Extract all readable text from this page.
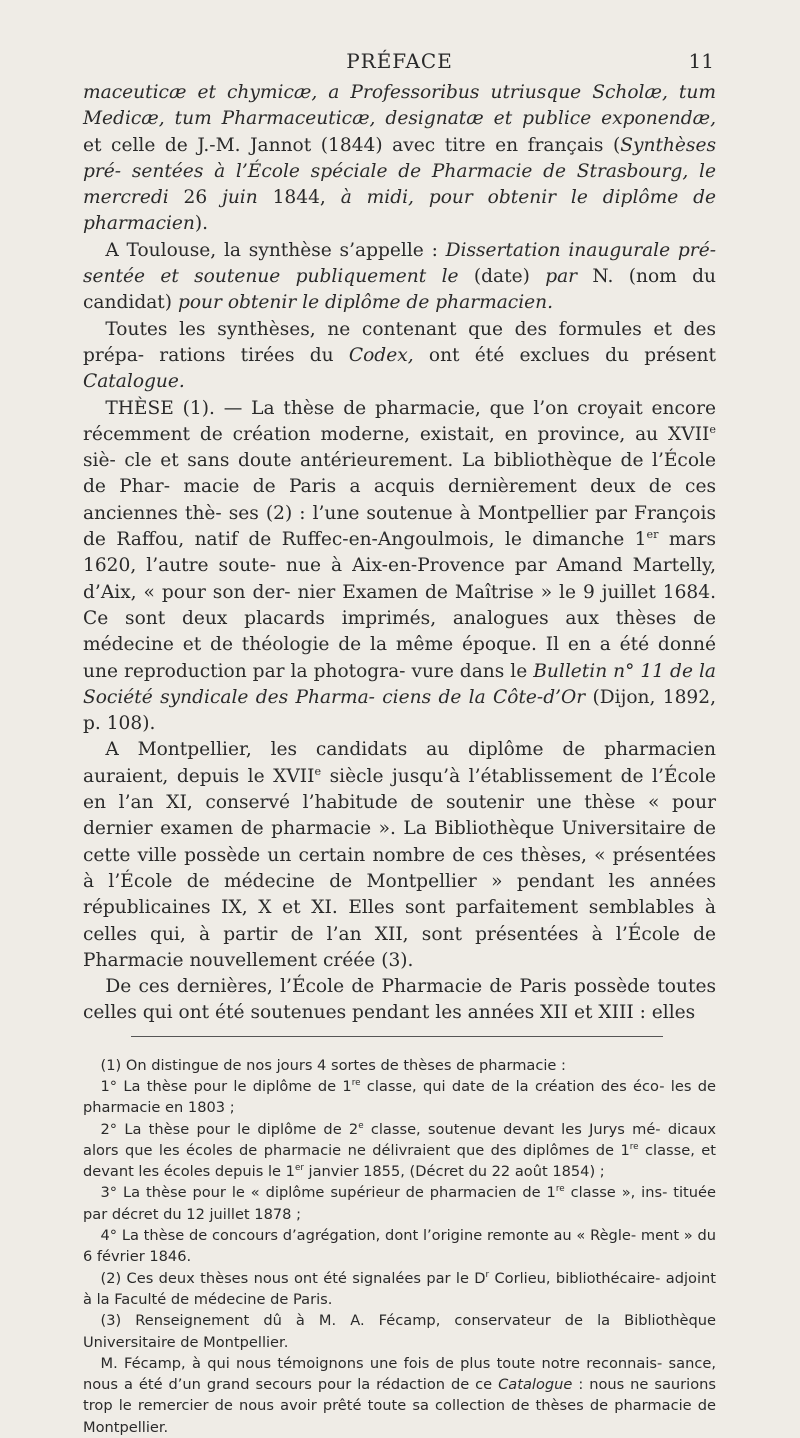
PRÉFACE	11

maceuticæ et chymicæ, a Professoribus utriusque Scholæ, tum Medicæ, tum Pharmaceuticæ, designatæ et publice exponendæ, et celle de J.-M. Jannot (1844) avec titre en français (Synthèses pré- sentées à l’École spéciale de Pharmacie de Strasbourg, le mercredi 26 juin 1844, à midi, pour obtenir le diplôme de pharmacien).

A Toulouse, la synthèse s’appelle : Dissertation inaugurale pré- sentée et soutenue publiquement le (date) par N. (nom du candidat) pour obtenir le diplôme de pharmacien.

Toutes les synthèses, ne contenant que des formules et des prépa- rations tirées du Codex, ont été exclues du présent Catalogue.

THÈSE (1). — La thèse de pharmacie, que l’on croyait encore récemment de création moderne, existait, en province, au XVIIe siè- cle et sans doute antérieurement. La bibliothèque de l’École de Phar- macie de Paris a acquis dernièrement deux de ces anciennes thè- ses (2) : l’une soutenue à Montpellier par François de Raffou, natif de Ruffec-en-Angoulmois, le dimanche 1er mars 1620, l’autre soute- nue à Aix-en-Provence par Amand Martelly, d’Aix, « pour son der- nier Examen de Maîtrise » le 9 juillet 1684. Ce sont deux placards imprimés, analogues aux thèses de médecine et de théologie de la même époque. Il en a été donné une reproduction par la photogra- vure dans le Bulletin n° 11 de la Société syndicale des Pharma- ciens de la Côte-d’Or (Dijon, 1892, p. 108).

A Montpellier, les candidats au diplôme de pharmacien auraient, depuis le XVIIe siècle jusqu’à l’établissement de l’École en l’an XI, conservé l’habitude de soutenir une thèse « pour dernier examen de pharmacie ». La Bibliothèque Universitaire de cette ville possède un certain nombre de ces thèses, « présentées à l’École de médecine de Montpellier » pendant les années républicaines IX, X et XI. Elles sont parfaitement semblables à celles qui, à partir de l’an XII, sont présentées à l’École de Pharmacie nouvellement créée (3).

De ces dernières, l’École de Pharmacie de Paris possède toutes celles qui ont été soutenues pendant les années XII et XIII : elles

(1) On distingue de nos jours 4 sortes de thèses de pharmacie :

1° La thèse pour le diplôme de 1re classe, qui date de la création des éco- les de pharmacie en 1803 ;

2° La thèse pour le diplôme de 2e classe, soutenue devant les Jurys mé- dicaux alors que les écoles de pharmacie ne délivraient que des diplômes de 1re classe, et devant les écoles depuis le 1er janvier 1855, (Décret du 22 août 1854) ;

3° La thèse pour le « diplôme supérieur de pharmacien de 1re classe », ins- tituée par décret du 12 juillet 1878 ;

4° La thèse de concours d’agrégation, dont l’origine remonte au « Règle- ment » du 6 février 1846.

(2) Ces deux thèses nous ont été signalées par le $D^r$ Corlieu, bibliothécaire- adjoint à la Faculté de médecine de Paris.

(3) Renseignement dû à M. A. Fécamp, conservateur de la Bibliothèque Universitaire de Montpellier.

M. Fécamp, à qui nous témoignons une fois de plus toute notre reconnais- sance, nous a été d’un grand secours pour la rédaction de ce Catalogue : nous ne saurions trop le remercier de nous avoir prêté toute sa collection de thèses de pharmacie de Montpellier.
